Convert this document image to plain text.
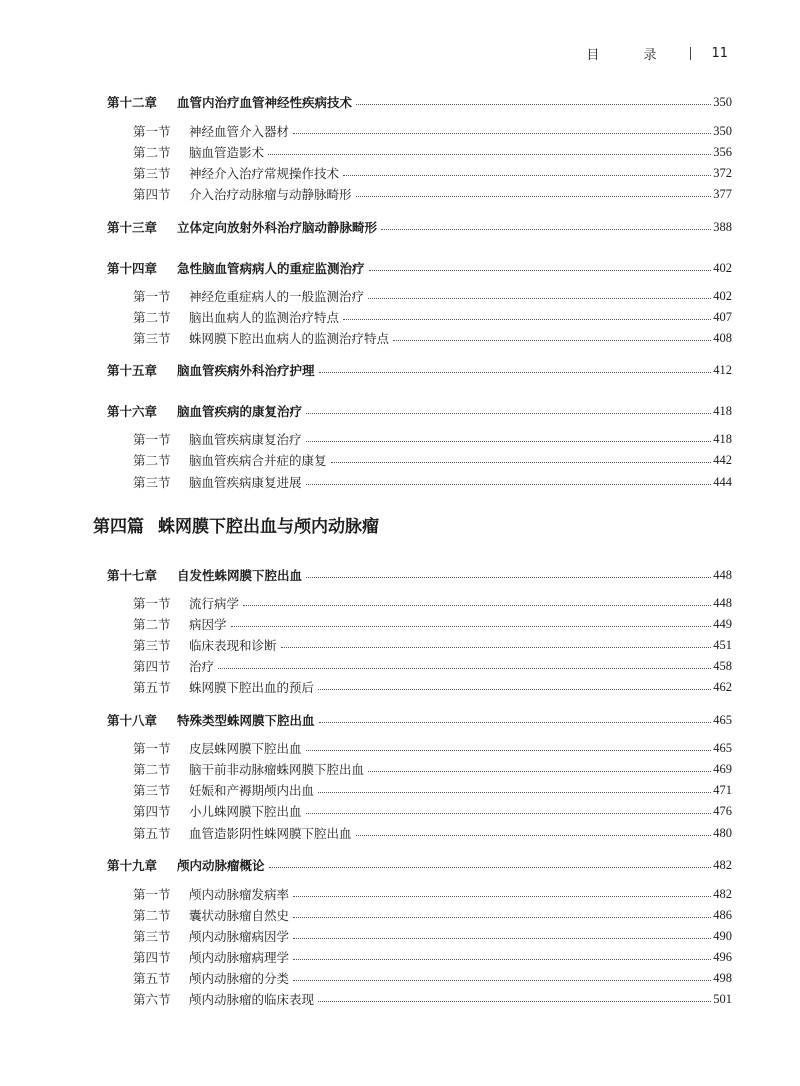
目 录	11
第十二章	血管内治疗血管神经性疾病技术	350
第一节	神经血管介入器材	350
第二节	脑血管造影术	356
第三节	神经介入治疗常规操作技术	372
第四节	介入治疗动脉瘤与动静脉畸形	377
第十三章	立体定向放射外科治疗脑动静脉畸形	388
第十四章	急性脑血管病病人的重症监测治疗	402
第一节	神经危重症病人的一般监测治疗	402
第二节	脑出血病人的监测治疗特点	407
第三节	蛛网膜下腔出血病人的监测治疗特点	408
第十五章	脑血管疾病外科治疗护理	412
第十六章	脑血管疾病的康复治疗	418
第一节	脑血管疾病康复治疗	418
第二节	脑血管疾病合并症的康复	442
第三节	脑血管疾病康复进展	444
第十七章	自发性蛛网膜下腔出血	448
第一节	流行病学	448
第二节	病因学	449
第三节	临床表现和诊断	451
第四节	治疗	458
第五节	蛛网膜下腔出血的预后	462
第十八章	特殊类型蛛网膜下腔出血	465
第一节	皮层蛛网膜下腔出血	465
第二节	脑干前非动脉瘤蛛网膜下腔出血	469
第三节	妊娠和产褥期颅内出血	471
第四节	小儿蛛网膜下腔出血	476
第五节	血管造影阴性蛛网膜下腔出血	480
第十九章	颅内动脉瘤概论	482
第一节	颅内动脉瘤发病率	482
第二节	囊状动脉瘤自然史	486
第三节	颅内动脉瘤病因学	490
第四节	颅内动脉瘤病理学	496
第五节	颅内动脉瘤的分类	498
第六节	颅内动脉瘤的临床表现	501
第四篇 蛛网膜下腔出血与颅内动脉瘤
